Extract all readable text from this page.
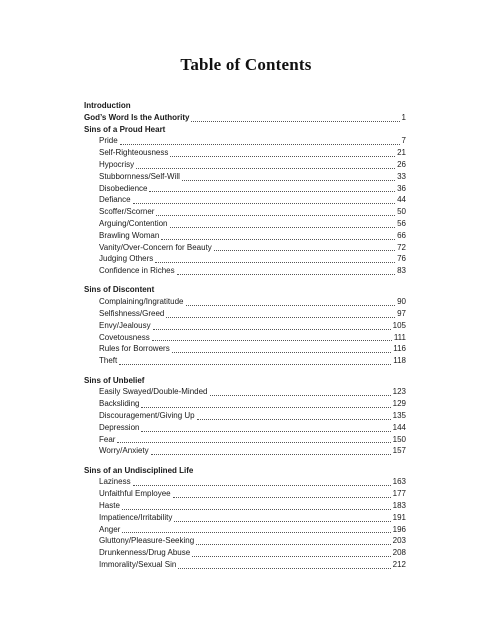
Table of Contents
Introduction
God’s Word Is the Authority	1
Sins of a Proud Heart
Pride	7
Self-Righteousness	21
Hypocrisy	26
Stubbornness/Self-Will	33
Disobedience	36
Defiance	44
Scoffer/Scorner	50
Arguing/Contention	56
Brawling Woman	66
Vanity/Over-Concern for Beauty	72
Judging Others	76
Confidence in Riches	83
Sins of Discontent
Complaining/Ingratitude	90
Selfishness/Greed	97
Envy/Jealousy	105
Covetousness	111
Rules for Borrowers	116
Theft	118
Sins of Unbelief
Easily Swayed/Double-Minded	123
Backsliding	129
Discouragement/Giving Up	135
Depression	144
Fear	150
Worry/Anxiety	157
Sins of an Undisciplined Life
Laziness	163
Unfaithful Employee	177
Haste	183
Impatience/Irritability	191
Anger	196
Gluttony/Pleasure-Seeking	203
Drunkenness/Drug Abuse	208
Immorality/Sexual Sin	212
